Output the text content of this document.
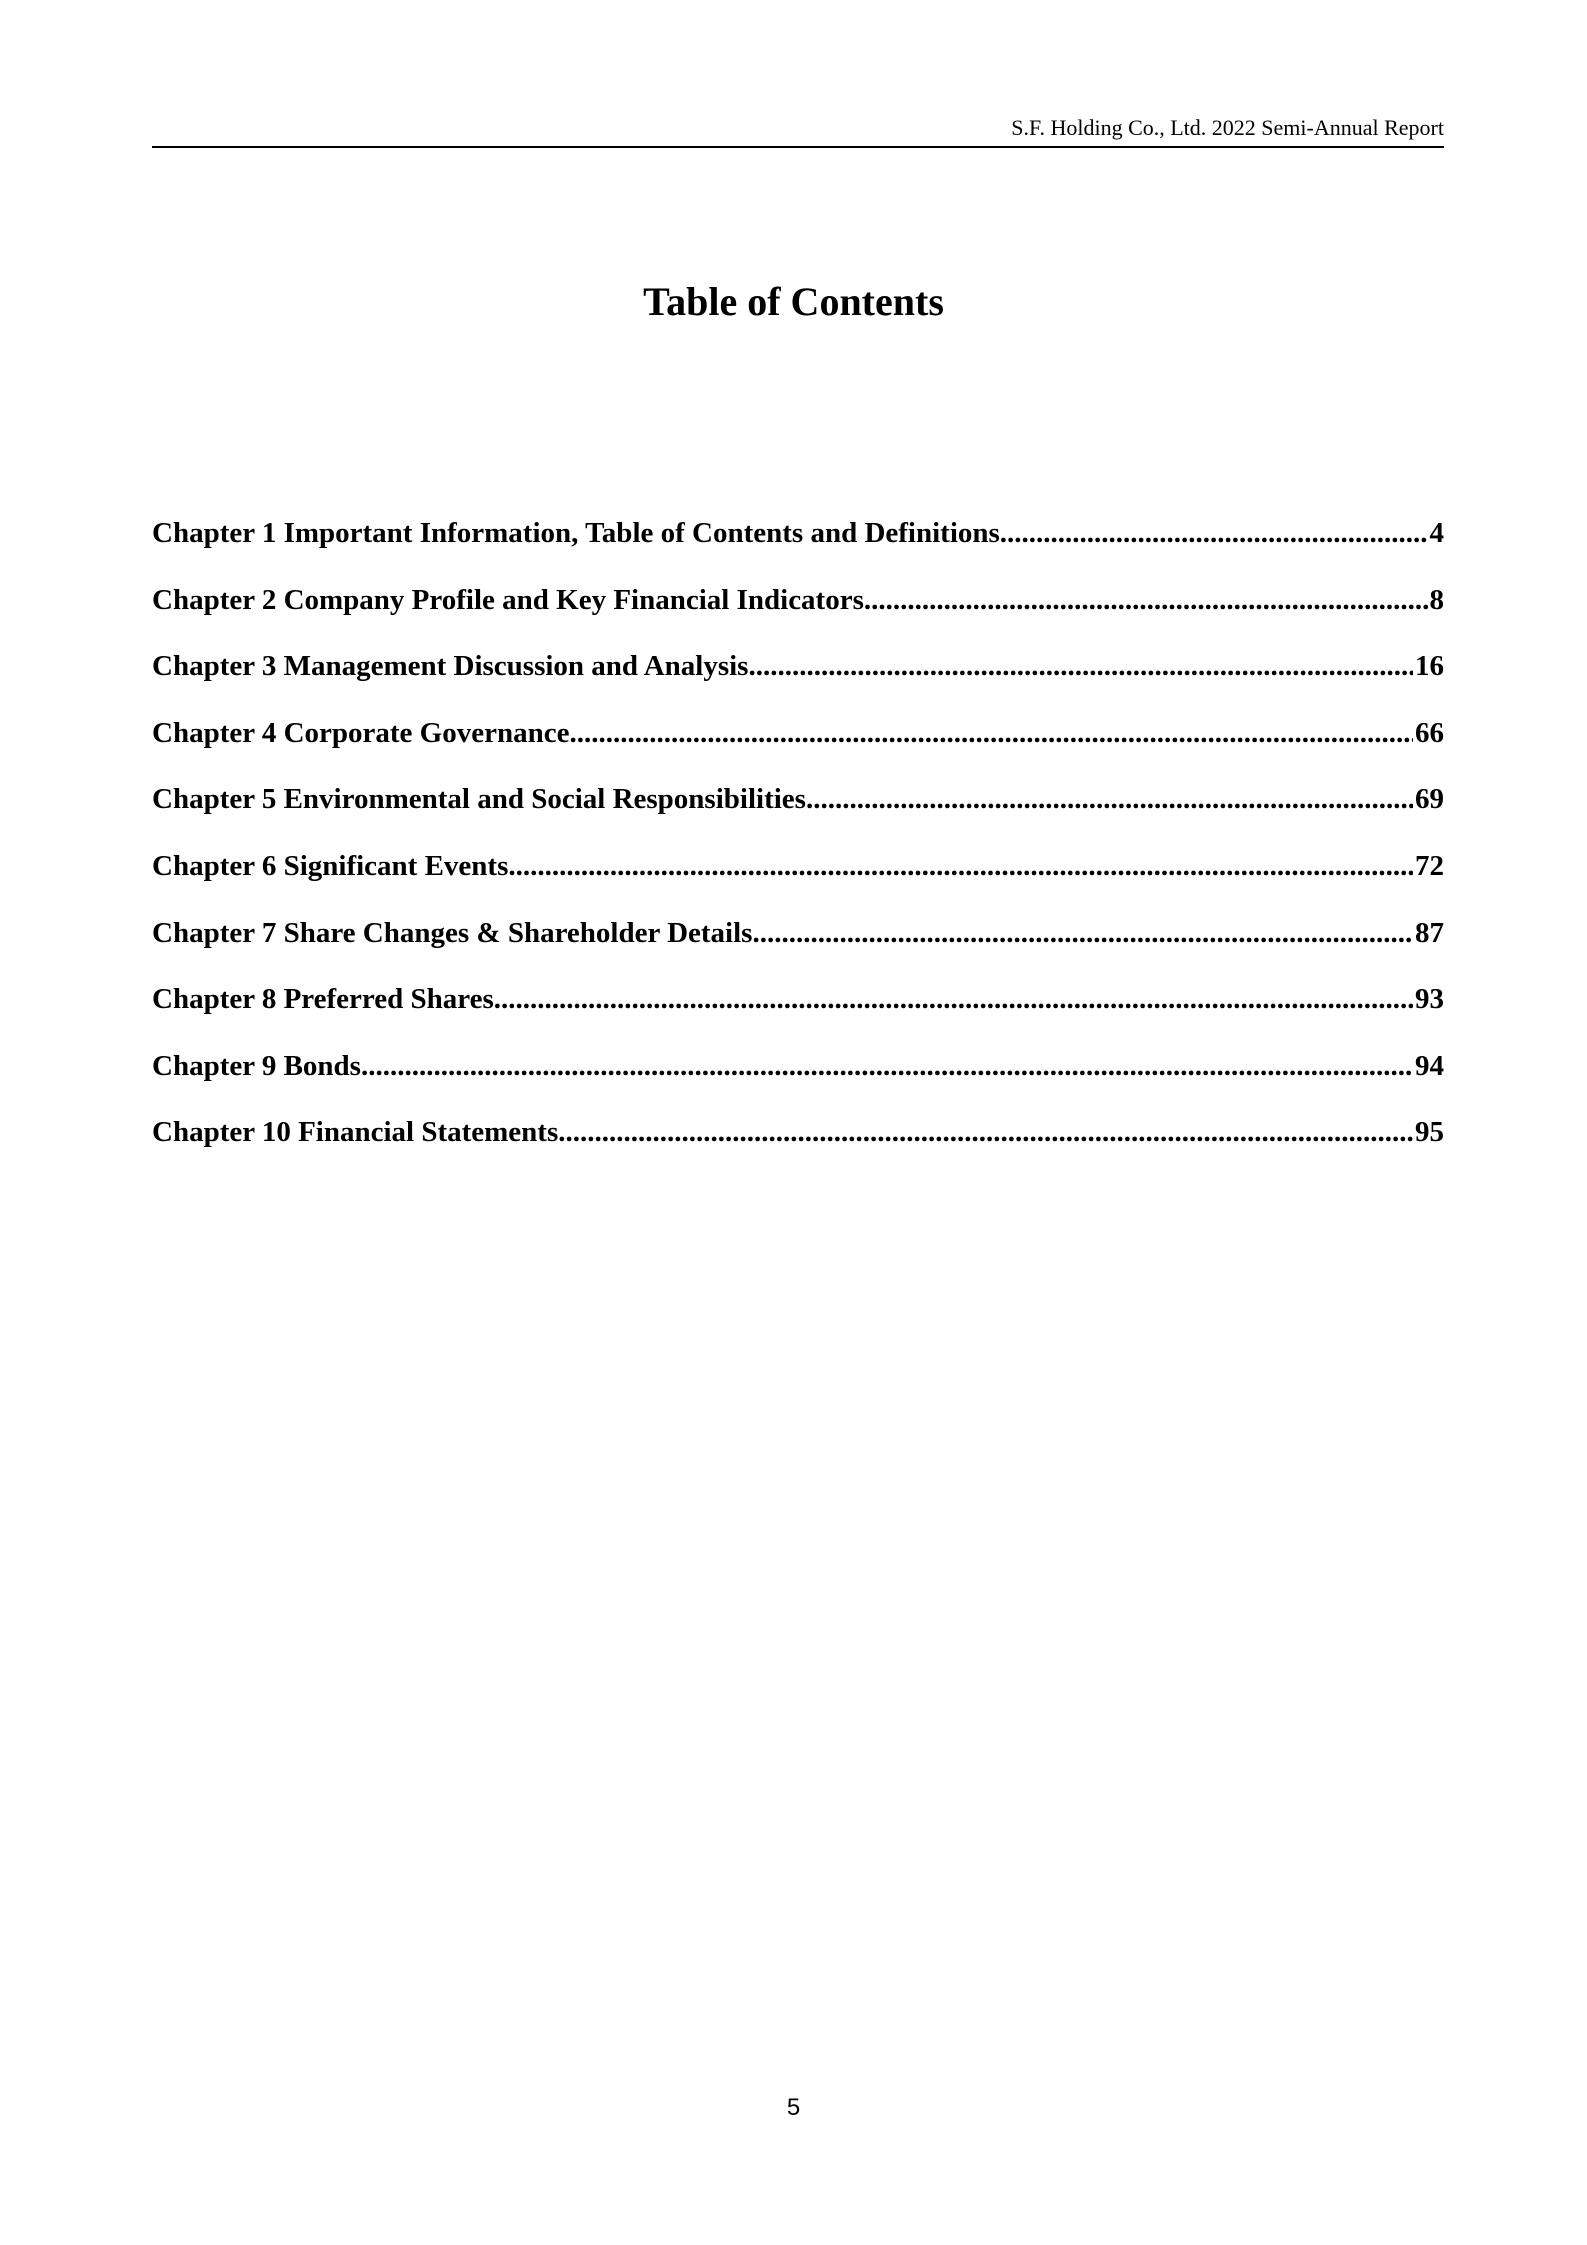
S.F. Holding Co., Ltd. 2022 Semi-Annual Report
Table of Contents
Chapter 1 Important Information, Table of Contents and Definitions .....	4
Chapter 2 Company Profile and Key Financial Indicators .....	8
Chapter 3 Management Discussion and Analysis .....	16
Chapter 4 Corporate Governance .....	66
Chapter 5 Environmental and Social Responsibilities .....	69
Chapter 6 Significant Events .....	72
Chapter 7 Share Changes & Shareholder Details .....	87
Chapter 8 Preferred Shares .....	93
Chapter 9 Bonds .....	94
Chapter 10 Financial Statements .....	95
5
